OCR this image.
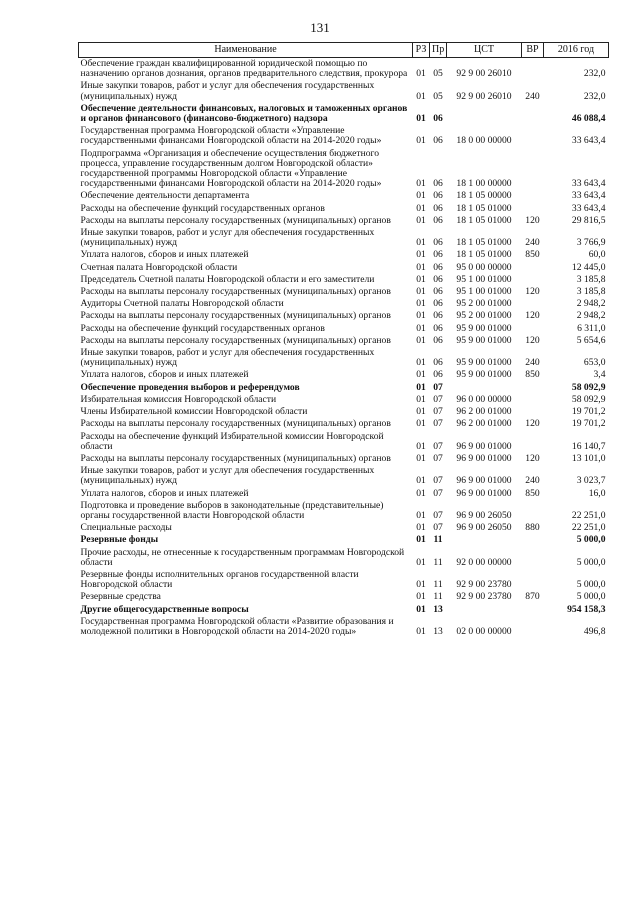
131
Наименование	РЗ	Пр	ЦСТ	ВР	2016 год
Обеспечение граждан квалифицированной юридической помощью по назначению органов дознания, органов предварительного следствия, прокурора	01	05	92 9 00 26010		232,0
Иные закупки товаров, работ и услуг для обеспечения государственных (муниципальных) нужд	01	05	92 9 00 26010	240	232,0
Обеспечение деятельности финансовых, налоговых и таможенных органов и органов финансового (финансово-бюджетного) надзора	01	06			46 088,4
Государственная программа Новгородской области «Управление государственными финансами Новгородской области на 2014-2020 годы»	01	06	18 0 00 00000		33 643,4
Подпрограмма «Организация и обеспечение осуществления бюджетного процесса, управление государственным долгом Новгородской области» государственной программы Новгородской области «Управление государственными финансами Новгородской области на 2014-2020 годы»	01	06	18 1 00 00000		33 643,4
Обеспечение деятельности департамента	01	06	18 1 05 00000		33 643,4
Расходы на обеспечение функций государственных органов	01	06	18 1 05 01000		33 643,4
Расходы на выплаты персоналу государственных (муниципальных) органов	01	06	18 1 05 01000	120	29 816,5
Иные закупки товаров, работ и услуг для обеспечения государственных (муниципальных) нужд	01	06	18 1 05 01000	240	3 766,9
Уплата налогов, сборов и иных платежей	01	06	18 1 05 01000	850	60,0
Счетная палата Новгородской области	01	06	95 0 00 00000		12 445,0
Председатель Счетной палаты Новгородской области и его заместители	01	06	95 1 00 01000		3 185,8
Расходы на выплаты персоналу государственных (муниципальных) органов	01	06	95 1 00 01000	120	3 185,8
Аудиторы Счетной палаты Новгородской области	01	06	95 2 00 01000		2 948,2
Расходы на выплаты персоналу государственных (муниципальных) органов	01	06	95 2 00 01000	120	2 948,2
Расходы на обеспечение функций государственных органов	01	06	95 9 00 01000		6 311,0
Расходы на выплаты персоналу государственных (муниципальных) органов	01	06	95 9 00 01000	120	5 654,6
Иные закупки товаров, работ и услуг для обеспечения государственных (муниципальных) нужд	01	06	95 9 00 01000	240	653,0
Уплата налогов, сборов и иных платежей	01	06	95 9 00 01000	850	3,4
Обеспечение проведения выборов и референдумов	01	07			58 092,9
Избирательная комиссия Новгородской области	01	07	96 0 00 00000		58 092,9
Члены Избирательной комиссии Новгородской области	01	07	96 2 00 01000		19 701,2
Расходы на выплаты персоналу государственных (муниципальных) органов	01	07	96 2 00 01000	120	19 701,2
Расходы на обеспечение функций Избирательной комиссии Новгородской области	01	07	96 9 00 01000		16 140,7
Расходы на выплаты персоналу государственных (муниципальных) органов	01	07	96 9 00 01000	120	13 101,0
Иные закупки товаров, работ и услуг для обеспечения государственных (муниципальных) нужд	01	07	96 9 00 01000	240	3 023,7
Уплата налогов, сборов и иных платежей	01	07	96 9 00 01000	850	16,0
Подготовка и проведение выборов в законодательные (представительные) органы государственной власти Новгородской области	01	07	96 9 00 26050		22 251,0
Специальные расходы	01	07	96 9 00 26050	880	22 251,0
Резервные фонды	01	11			5 000,0
Прочие расходы, не отнесенные к государственным программам Новгородской области	01	11	92 0 00 00000		5 000,0
Резервные фонды исполнительных органов государственной власти Новгородской области	01	11	92 9 00 23780		5 000,0
Резервные средства	01	11	92 9 00 23780	870	5 000,0
Другие общегосударственные вопросы	01	13			954 158,3
Государственная программа Новгородской области «Развитие образования и молодежной политики в Новгородской области на 2014-2020 годы»	01	13	02 0 00 00000		496,8
